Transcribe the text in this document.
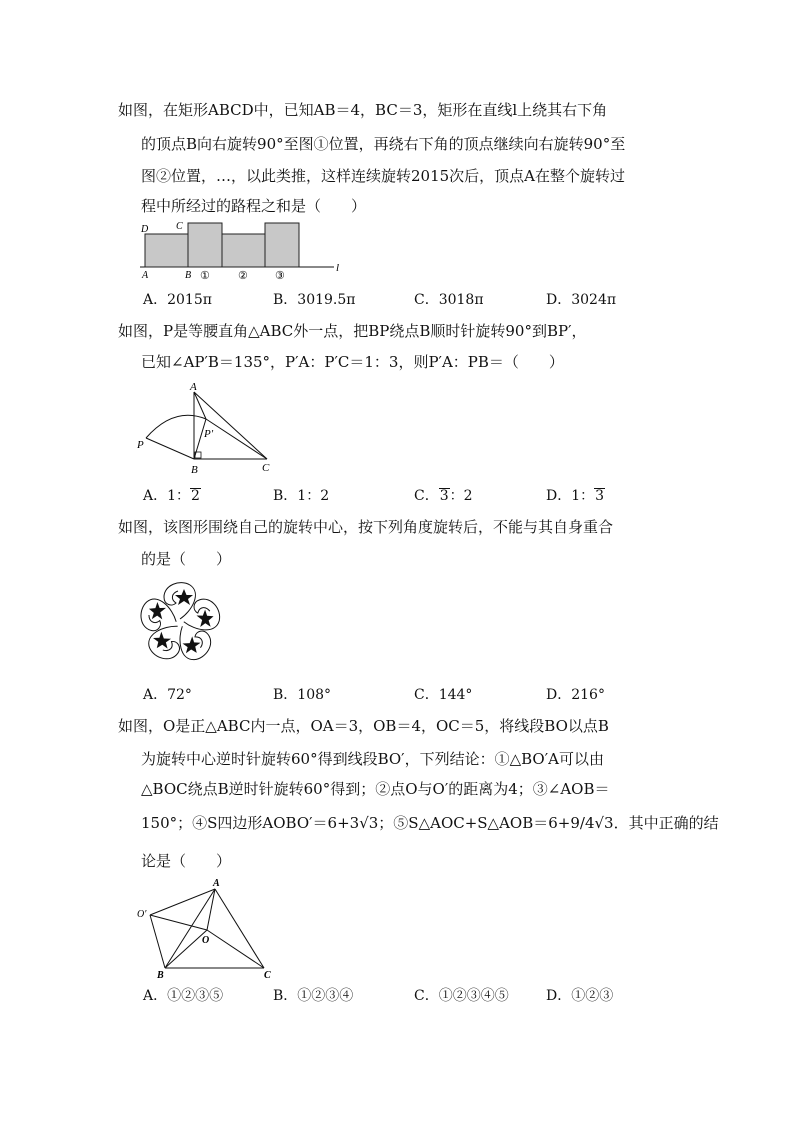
如图，在矩形ABCD中，已知AB＝4，BC＝3，矩形在直线l上绕其右下角
的顶点B向右旋转90°至图①位置，再绕右下角的顶点继续向右旋转90°至
图②位置，…，以此类推，这样连续旋转2015次后，顶点A在整个旋转过
程中所经过的路程之和是（　　）
D	C
A	B ①	② ③
l
A．2015π	B．3019.5π	C．3018π	D．3024π
如图，P是等腰直角△ABC外一点，把BP绕点B顺时针旋转90°到BP′，
已知∠AP′B＝135°，P′A：P′C＝1：3，则P′A：PB＝（　　）
A
P′
P
B	C
A．1：2	B．1：2	C．3：2	D．1：3
如图，该图形围绕自己的旋转中心，按下列角度旋转后，不能与其自身重合
的是（　　）
A．72°	B．108°	C．144°	D．216°
如图，O是正△ABC内一点，OA＝3，OB＝4，OC＝5，将线段BO以点B
为旋转中心逆时针旋转60°得到线段BO′，下列结论：①△BO′A可以由
△BOC绕点B逆时针旋转60°得到；②点O与O′的距离为4；③∠AOB＝
150°；④S四边形AOBO′＝6+3√3；⑤S△AOC+S△AOB＝6+9/4√3．其中正确的结
论是（　　）
A
O′
O
B	C
A．①②③⑤	B．①②③④	C．①②③④⑤	D．①②③
